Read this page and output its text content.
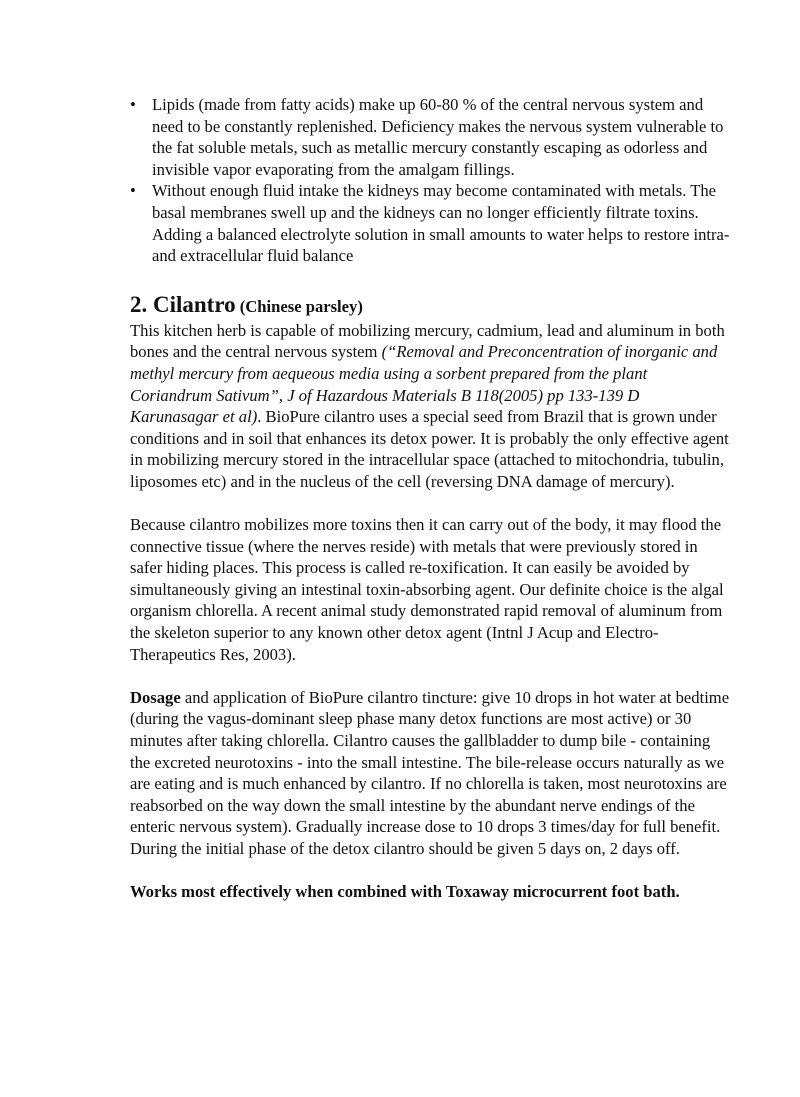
• Lipids (made from fatty acids) make up 60-80 % of the central nervous system and need to be constantly replenished. Deficiency makes the nervous system vulnerable to the fat soluble metals, such as metallic mercury constantly escaping as odorless and invisible vapor evaporating from the amalgam fillings.
• Without enough fluid intake the kidneys may become contaminated with metals. The basal membranes swell up and the kidneys can no longer efficiently filtrate toxins. Adding a balanced electrolyte solution in small amounts to water helps to restore intra-and extracellular fluid balance
2. Cilantro (Chinese parsley)

This kitchen herb is capable of mobilizing mercury, cadmium, lead and aluminum in both bones and the central nervous system (“Removal and Preconcentration of inorganic and methyl mercury from aequeous media using a sorbent prepared from the plant Coriandrum Sativum”, J of Hazardous Materials B 118(2005) pp 133-139 D Karunasagar et al). BioPure cilantro uses a special seed from Brazil that is grown under conditions and in soil that enhances its detox power. It is probably the only effective agent in mobilizing mercury stored in the intracellular space (attached to mitochondria, tubulin, liposomes etc) and in the nucleus of the cell (reversing DNA damage of mercury).

Because cilantro mobilizes more toxins then it can carry out of the body, it may flood the connective tissue (where the nerves reside) with metals that were previously stored in safer hiding places. This process is called re-toxification. It can easily be avoided by simultaneously giving an intestinal toxin-absorbing agent. Our definite choice is the algal organism chlorella. A recent animal study demonstrated rapid removal of aluminum from the skeleton superior to any known other detox agent (Intnl J Acup and Electro-Therapeutics Res, 2003).

Dosage and application of BioPure cilantro tincture: give 10 drops in hot water at bedtime (during the vagus-dominant sleep phase many detox functions are most active) or 30 minutes after taking chlorella. Cilantro causes the gallbladder to dump bile - containing the excreted neurotoxins - into the small intestine. The bile-release occurs naturally as we are eating and is much enhanced by cilantro. If no chlorella is taken, most neurotoxins are reabsorbed on the way down the small intestine by the abundant nerve endings of the enteric nervous system). Gradually increase dose to 10 drops 3 times/day for full benefit. During the initial phase of the detox cilantro should be given 5 days on, 2 days off.

Works most effectively when combined with Toxaway microcurrent foot bath.
